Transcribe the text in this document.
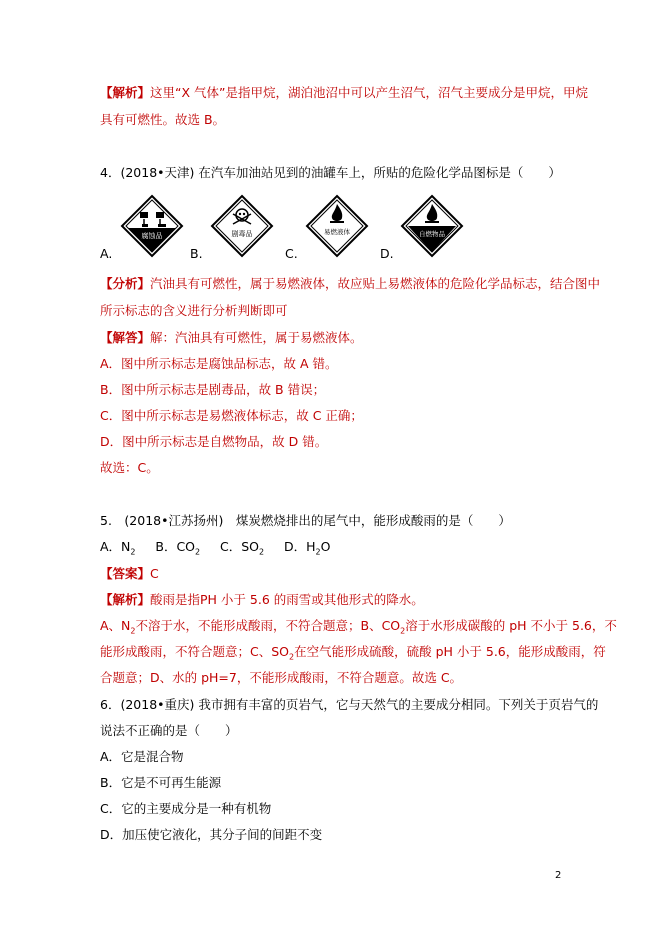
【解析】这里“X 气体”是指甲烷，湖泊池沼中可以产生沼气，沼气主要成分是甲烷，甲烷
具有可燃性。故选 B。
4．(2018•天津) 在汽车加油站见到的油罐车上，所贴的危险化学品图标是（　　）
A.
腐蚀品
B.
剧毒品
C.
易燃液体
D.
自燃物品
【分析】汽油具有可燃性，属于易燃液体，故应贴上易燃液体的危险化学品标志，结合图中
所示标志的含义进行分析判断即可
【解答】解：汽油具有可燃性，属于易燃液体。
A．图中所示标志是腐蚀品标志，故 A 错。
B．图中所示标志是剧毒品，故 B 错误；
C．图中所示标志是易燃液体标志，故 C 正确；
D．图中所示标志是自燃物品，故 D 错。
故选：C。
5.　(2018•江苏扬州)　煤炭燃烧排出的尾气中，能形成酸雨的是（　　）
A．$N_2$ B．$CO_2$ C．$SO_2$ D．$H_2O$
【答案】C
【解析】酸雨是指PH 小于 5.6 的雨雪或其他形式的降水。
A、$N_2$不溶于水，不能形成酸雨，不符合题意；B、$CO_2$溶于水形成碳酸的 pH 不小于 5.6，不
能形成酸雨，不符合题意；C、$SO_2$在空气能形成硫酸，硫酸 pH 小于 5.6，能形成酸雨，符
合题意；D、水的 pH=7，不能形成酸雨，不符合题意。故选 C。
6．(2018•重庆) 我市拥有丰富的页岩气，它与天然气的主要成分相同。下列关于页岩气的
说法不正确的是（　　）
A．它是混合物
B．它是不可再生能源
C．它的主要成分是一种有机物
D．加压使它液化，其分子间的间距不变
2
